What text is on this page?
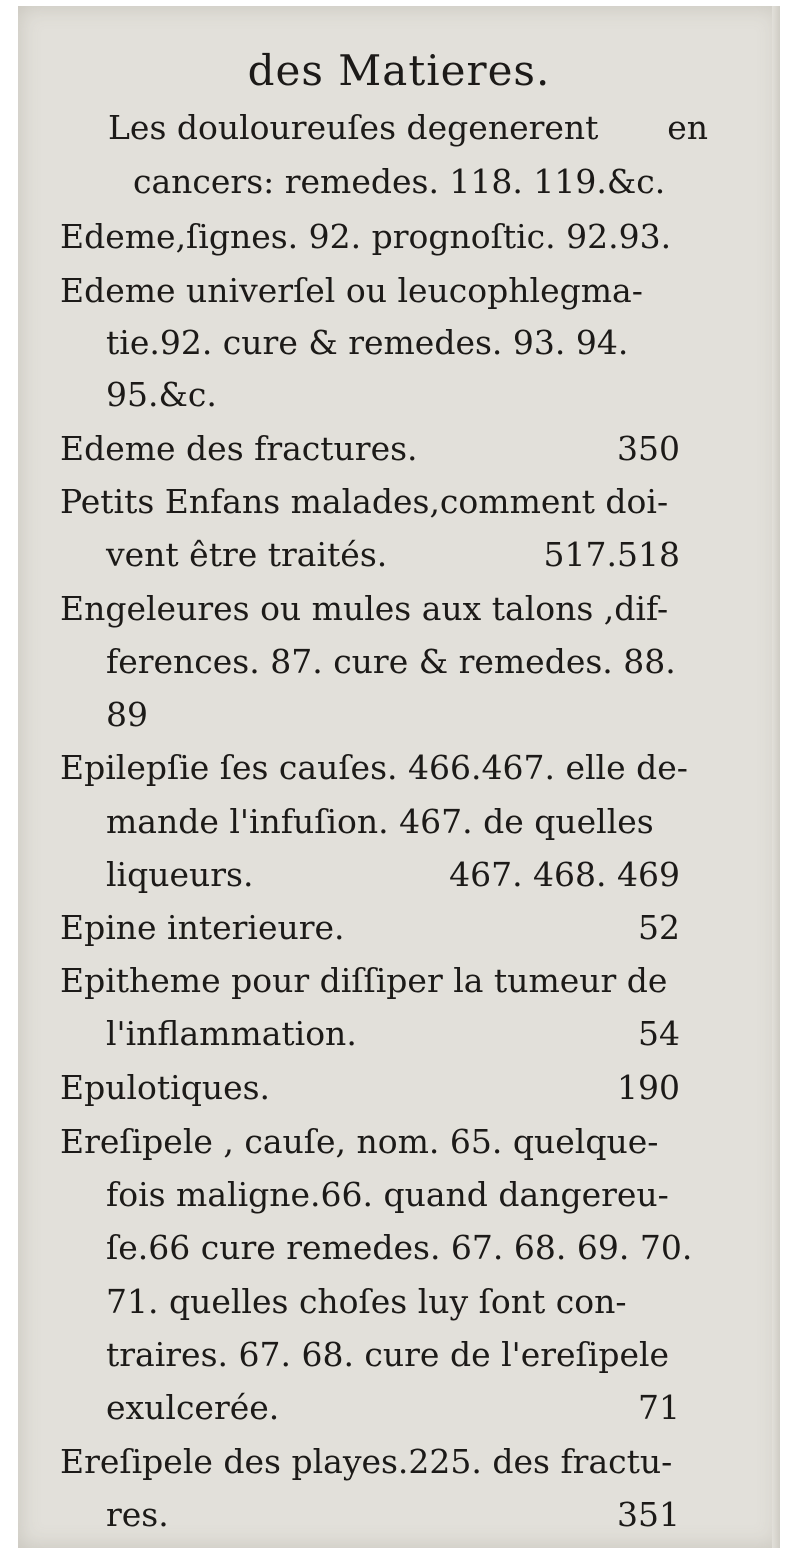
des Matieres.
Les douloureuſes degenerent en
cancers: remedes. 118. 119.&c.
Edeme,ſignes. 92. prognoſtic. 92.93.
Edeme univerſel ou leucophlegma-
tie.92. cure & remedes. 93. 94.
95.&c.
Edeme des fractures.	350
Petits Enfans malades,comment doi-
vent être traités.	517.518
Engeleures ou mules aux talons ,dif-
ferences. 87. cure & remedes. 88.
89
Epilepſie ſes cauſes. 466.467. elle de-
mande l'infuſion. 467. de quelles
liqueurs.	467. 468. 469
Epine interieure.	52
Epitheme pour diſſiper la tumeur de
l'inflammation.	54
Epulotiques.	190
Ereſipele , cauſe, nom. 65. quelque-
fois maligne.66. quand dangereu-
ſe.66 cure remedes. 67. 68. 69. 70.
71. quelles choſes luy ſont con-
traires. 67. 68. cure de l'ereſipele
exulcerée.	71
Ereſipele des playes.225. des fractu-
res.	351
